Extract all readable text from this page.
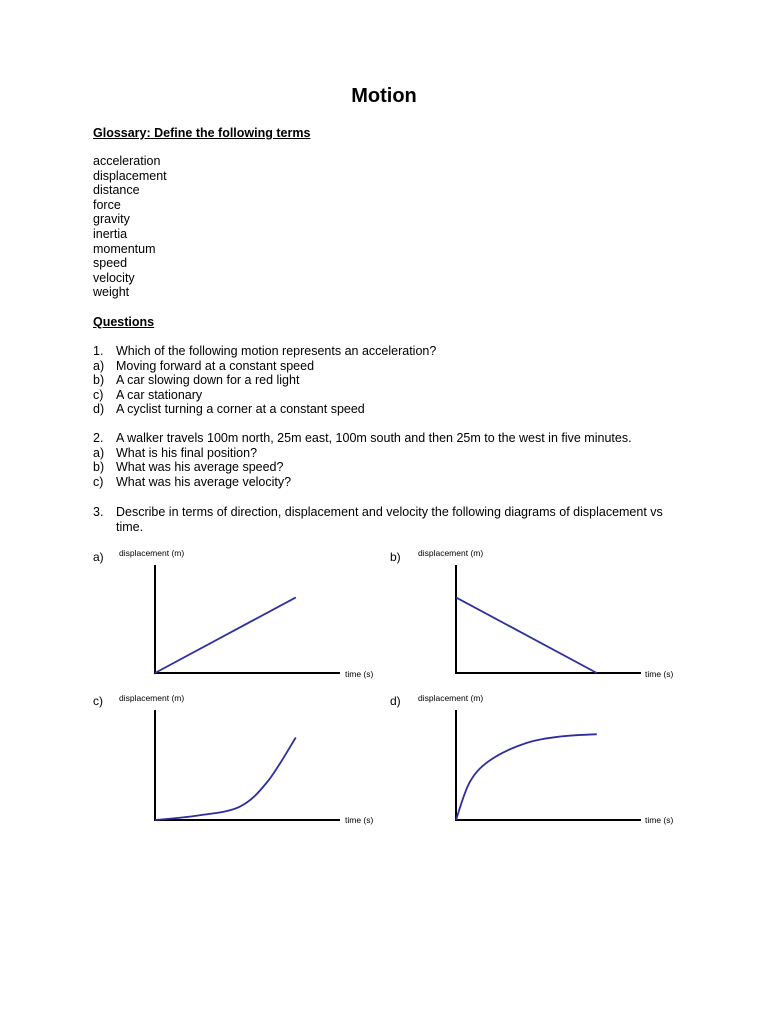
Motion
Glossary: Define the following terms
acceleration
displacement
distance
force
gravity
inertia
momentum
speed
velocity
weight
Questions
1.	Which of the following motion represents an acceleration?
a) Moving forward at a constant speed
b) A car slowing down for a red light
c)	A car stationary
d) A cyclist turning a corner at a constant speed
2.	A walker travels 100m north, 25m east, 100m south and then 25m to the west in five minutes.
a) What is his final position?
b) What was his average speed?
c)	What was his average velocity?
3.	Describe in terms of direction, displacement and velocity the following diagrams of displacement vs time.
a)	b)
c)	d)
displacement (m)
time (s)
displacement (m)
time (s)
displacement (m)
time (s)
displacement (m)
time (s)
